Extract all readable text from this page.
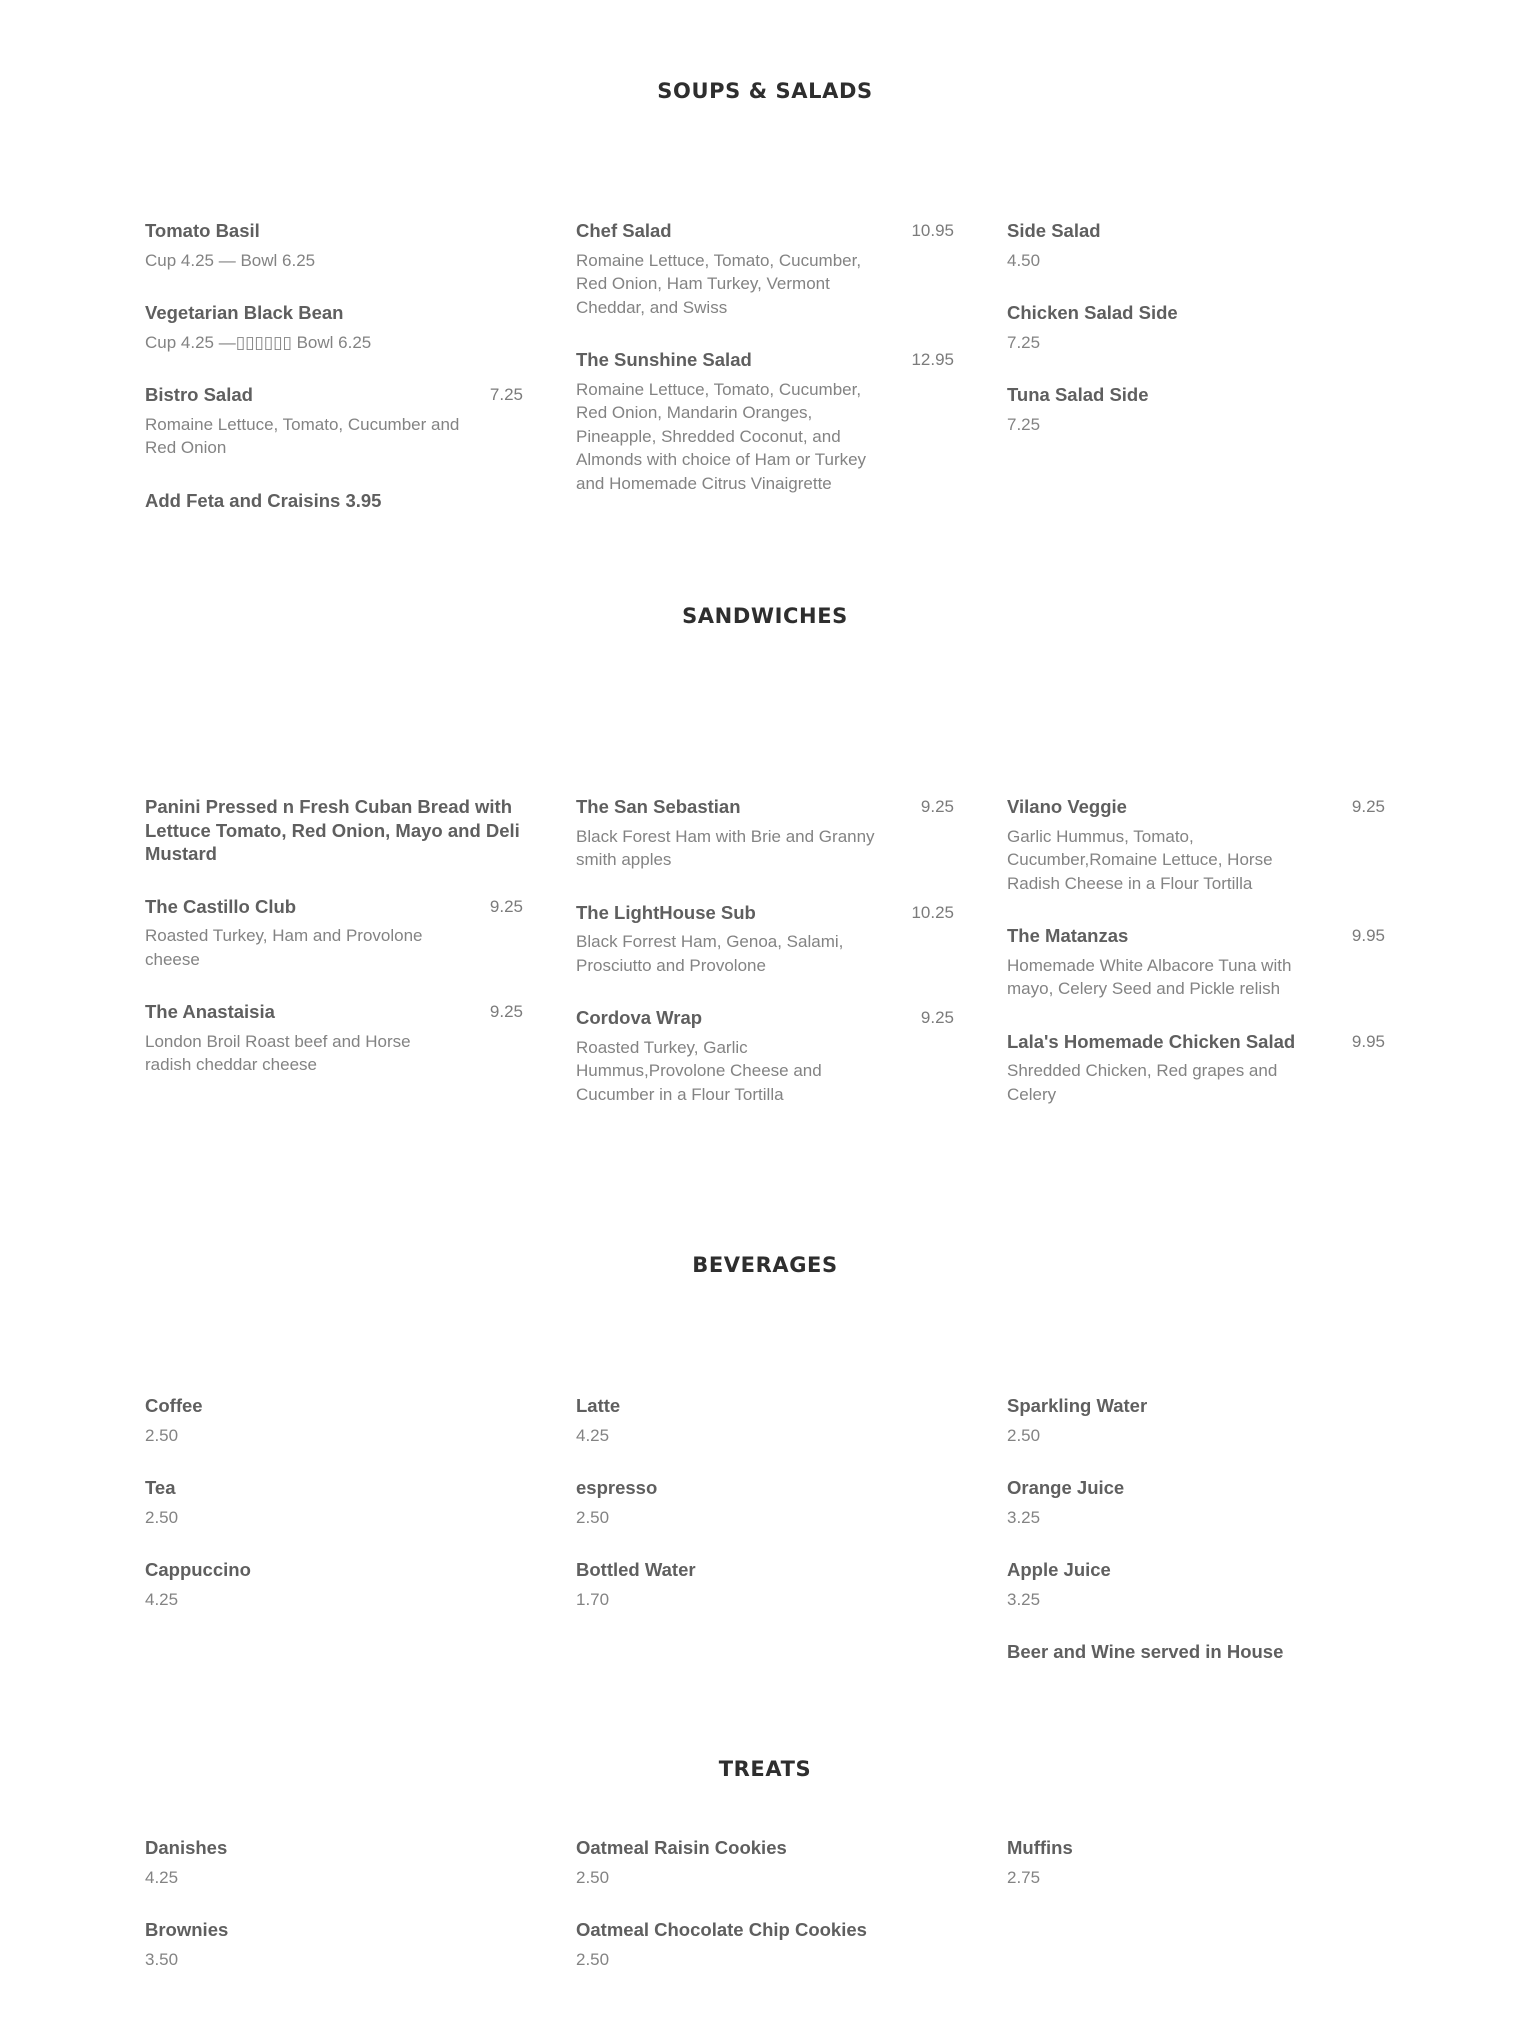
SOUPS & SALADS
Tomato Basil
Cup 4.25 — Bowl 6.25
Vegetarian Black Bean
Cup 4.25 —▯▯▯▯▯▯ Bowl 6.25
Bistro Salad	7.25
Romaine Lettuce, Tomato, Cucumber and Red Onion
Add Feta and Craisins 3.95
Chef Salad	10.95
Romaine Lettuce, Tomato, Cucumber, Red Onion, Ham Turkey, Vermont Cheddar, and Swiss
The Sunshine Salad	12.95
Romaine Lettuce, Tomato, Cucumber, Red Onion, Mandarin Oranges, Pineapple, Shredded Coconut, and Almonds with choice of Ham or Turkey and Homemade Citrus Vinaigrette
Side Salad
4.50
Chicken Salad Side
7.25
Tuna Salad Side
7.25
SANDWICHES
Panini Pressed n Fresh Cuban Bread with Lettuce Tomato, Red Onion, Mayo and Deli Mustard
The Castillo Club	9.25
Roasted Turkey, Ham and Provolone cheese
The Anastaisia	9.25
London Broil Roast beef and Horse radish cheddar cheese
The San Sebastian	9.25
Black Forest Ham with Brie and Granny smith apples
The LightHouse Sub	10.25
Black Forrest Ham, Genoa, Salami, Prosciutto and Provolone
Cordova Wrap	9.25
Roasted Turkey, Garlic Hummus,Provolone Cheese and Cucumber in a Flour Tortilla
Vilano Veggie	9.25
Garlic Hummus, Tomato, Cucumber,Romaine Lettuce, Horse Radish Cheese in a Flour Tortilla
The Matanzas	9.95
Homemade White Albacore Tuna with mayo, Celery Seed and Pickle relish
Lala's Homemade Chicken Salad	9.95
Shredded Chicken, Red grapes and Celery
BEVERAGES
Coffee
2.50
Tea
2.50
Cappuccino
4.25
Latte
4.25
espresso
2.50
Bottled Water
1.70
Sparkling Water
2.50
Orange Juice
3.25
Apple Juice
3.25
Beer and Wine served in House
TREATS
Danishes
4.25
Brownies
3.50
Oatmeal Raisin Cookies
2.50
Oatmeal Chocolate Chip Cookies
2.50
Muffins
2.75
